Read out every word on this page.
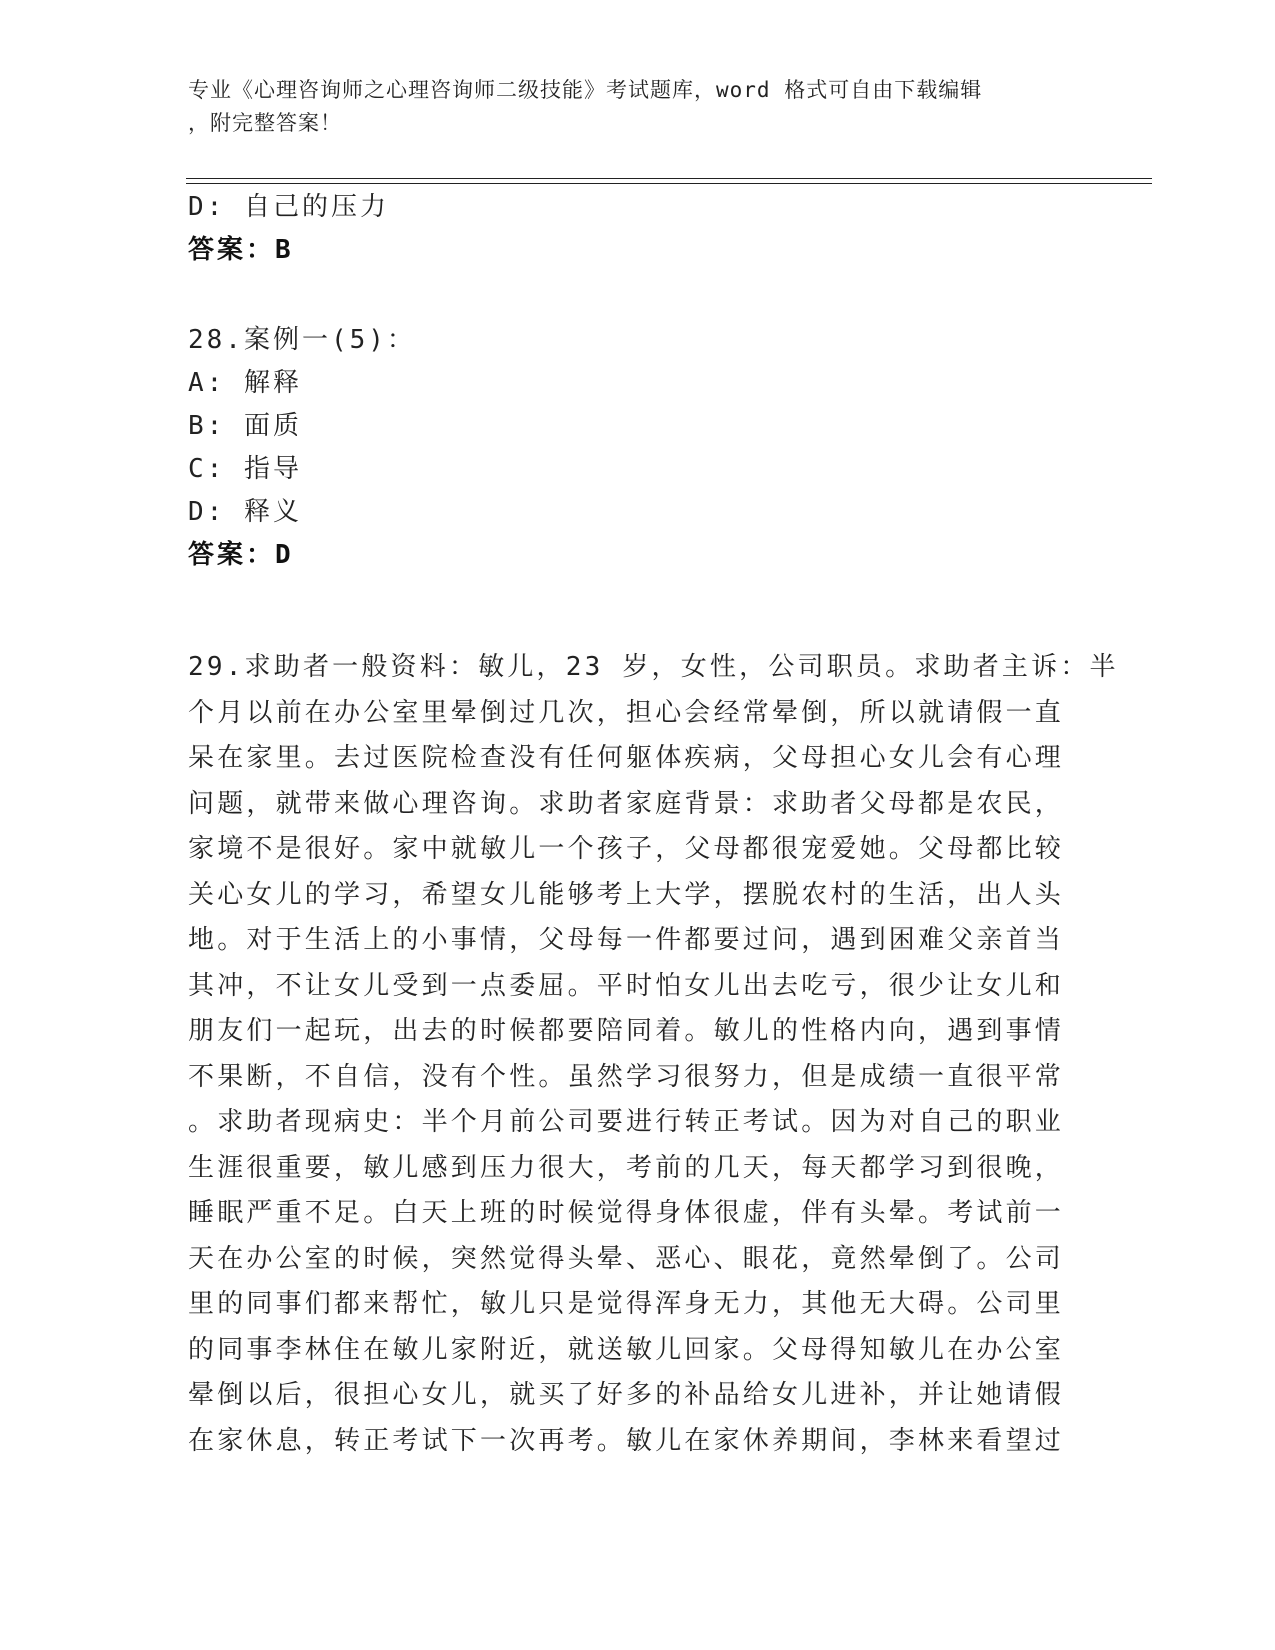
专业《心理咨询师之心理咨询师二级技能》考试题库，word 格式可自由下载编辑
，附完整答案！
D: 自己的压力
答案：B
28.案例一(5)：
A: 解释
B: 面质
C: 指导
D: 释义
答案：D
29.求助者一般资料：敏儿，23 岁，女性，公司职员。求助者主诉：半
个月以前在办公室里晕倒过几次，担心会经常晕倒，所以就请假一直
呆在家里。去过医院检查没有任何躯体疾病，父母担心女儿会有心理
问题，就带来做心理咨询。求助者家庭背景：求助者父母都是农民，
家境不是很好。家中就敏儿一个孩子，父母都很宠爱她。父母都比较
关心女儿的学习，希望女儿能够考上大学，摆脱农村的生活，出人头
地。对于生活上的小事情，父母每一件都要过问，遇到困难父亲首当
其冲，不让女儿受到一点委屈。平时怕女儿出去吃亏，很少让女儿和
朋友们一起玩，出去的时候都要陪同着。敏儿的性格内向，遇到事情
不果断，不自信，没有个性。虽然学习很努力，但是成绩一直很平常
。求助者现病史：半个月前公司要进行转正考试。因为对自己的职业
生涯很重要，敏儿感到压力很大，考前的几天，每天都学习到很晚，
睡眠严重不足。白天上班的时候觉得身体很虚，伴有头晕。考试前一
天在办公室的时候，突然觉得头晕、恶心、眼花，竟然晕倒了。公司
里的同事们都来帮忙，敏儿只是觉得浑身无力，其他无大碍。公司里
的同事李林住在敏儿家附近，就送敏儿回家。父母得知敏儿在办公室
晕倒以后，很担心女儿，就买了好多的补品给女儿进补，并让她请假
在家休息，转正考试下一次再考。敏儿在家休养期间，李林来看望过
